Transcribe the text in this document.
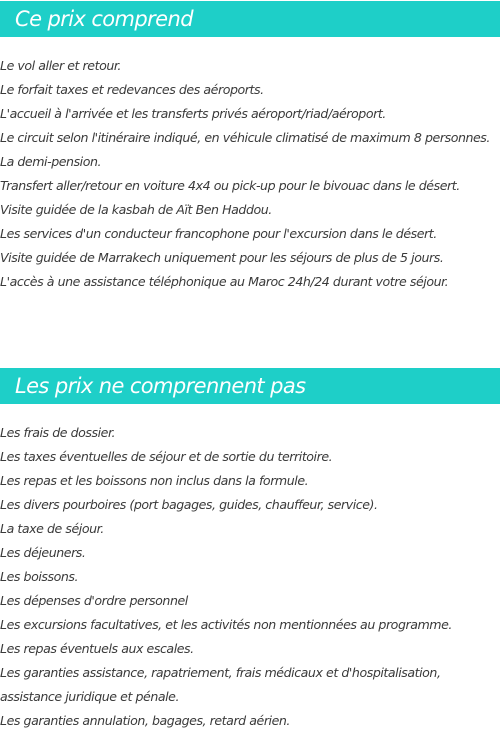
Ce prix comprend
Le vol aller et retour.
Le forfait taxes et redevances des aéroports.
L'accueil à l'arrivée et les transferts privés aéroport/riad/aéroport.
Le circuit selon l'itinéraire indiqué, en véhicule climatisé de maximum 8 personnes.
La demi-pension.
Transfert aller/retour en voiture 4x4 ou pick-up pour le bivouac dans le désert.
Visite guidée de la kasbah de Aït Ben Haddou.
Les services d'un conducteur francophone pour l'excursion dans le désert.
Visite guidée de Marrakech uniquement pour les séjours de plus de 5 jours.
L'accès à une assistance téléphonique au Maroc 24h/24 durant votre séjour.
Les prix ne comprennent pas
Les frais de dossier.
Les taxes éventuelles de séjour et de sortie du territoire.
Les repas et les boissons non inclus dans la formule.
Les divers pourboires (port bagages, guides, chauffeur, service).
La taxe de séjour.
Les déjeuners.
Les boissons.
Les dépenses d'ordre personnel
Les excursions facultatives, et les activités non mentionnées au programme.
Les repas éventuels aux escales.
Les garanties assistance, rapatriement, frais médicaux et d'hospitalisation, assistance juridique et pénale.
Les garanties annulation, bagages, retard aérien.
